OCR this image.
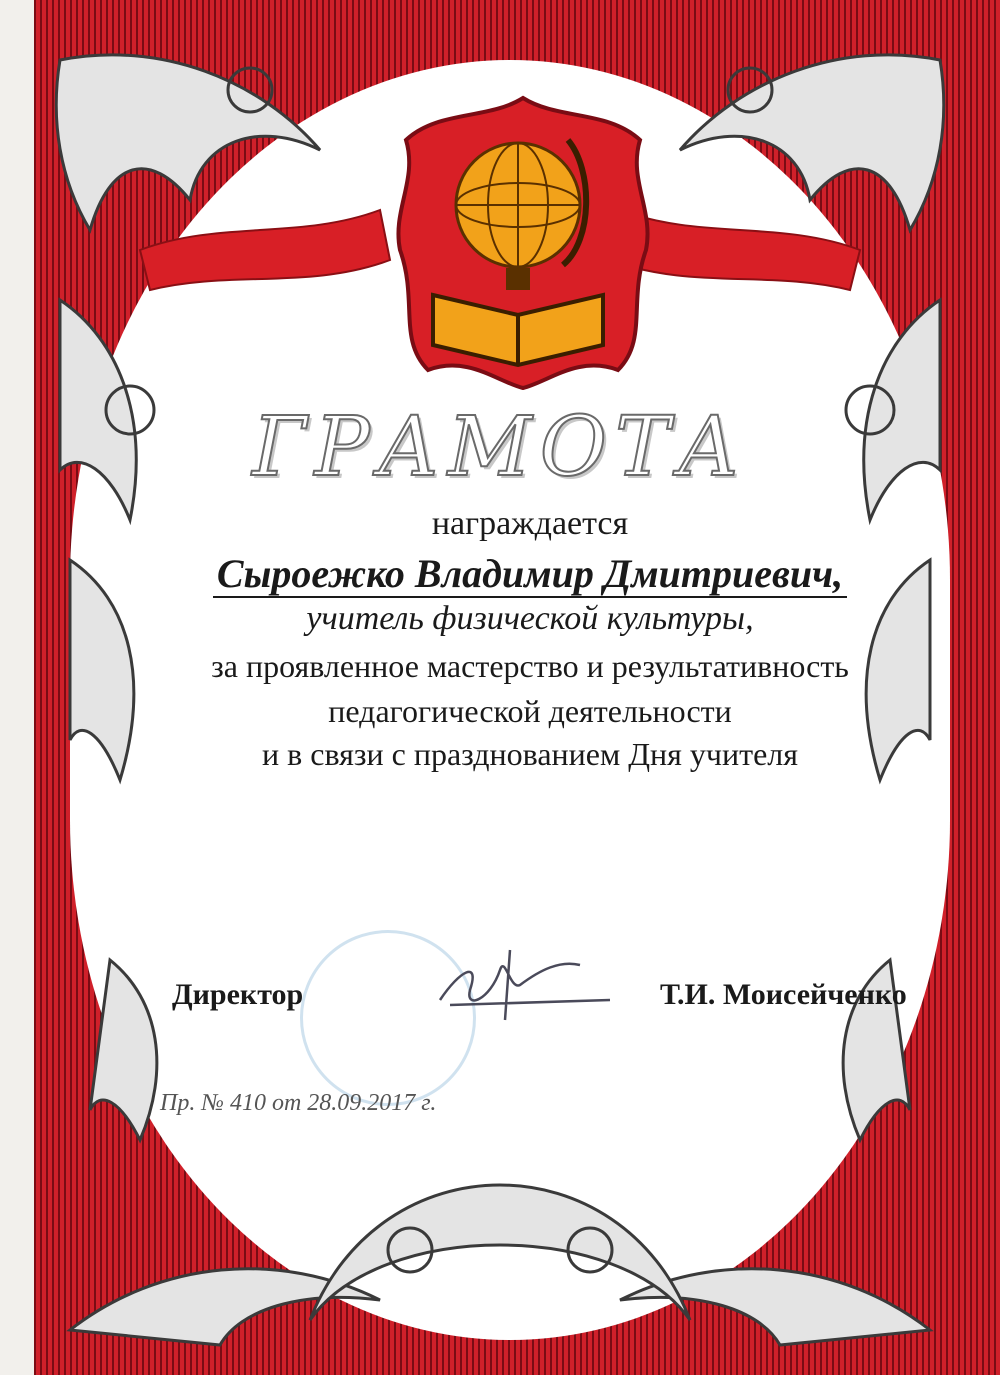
ГРАМОТА
награждается
Сыроежко Владимир Дмитриевич,
учитель физической культуры,
за проявленное мастерство и результативность
педагогической деятельности
и в связи с празднованием Дня учителя
Директор	Т.И. Моисейченко
Пр. № 410 от 28.09.2017 г.
